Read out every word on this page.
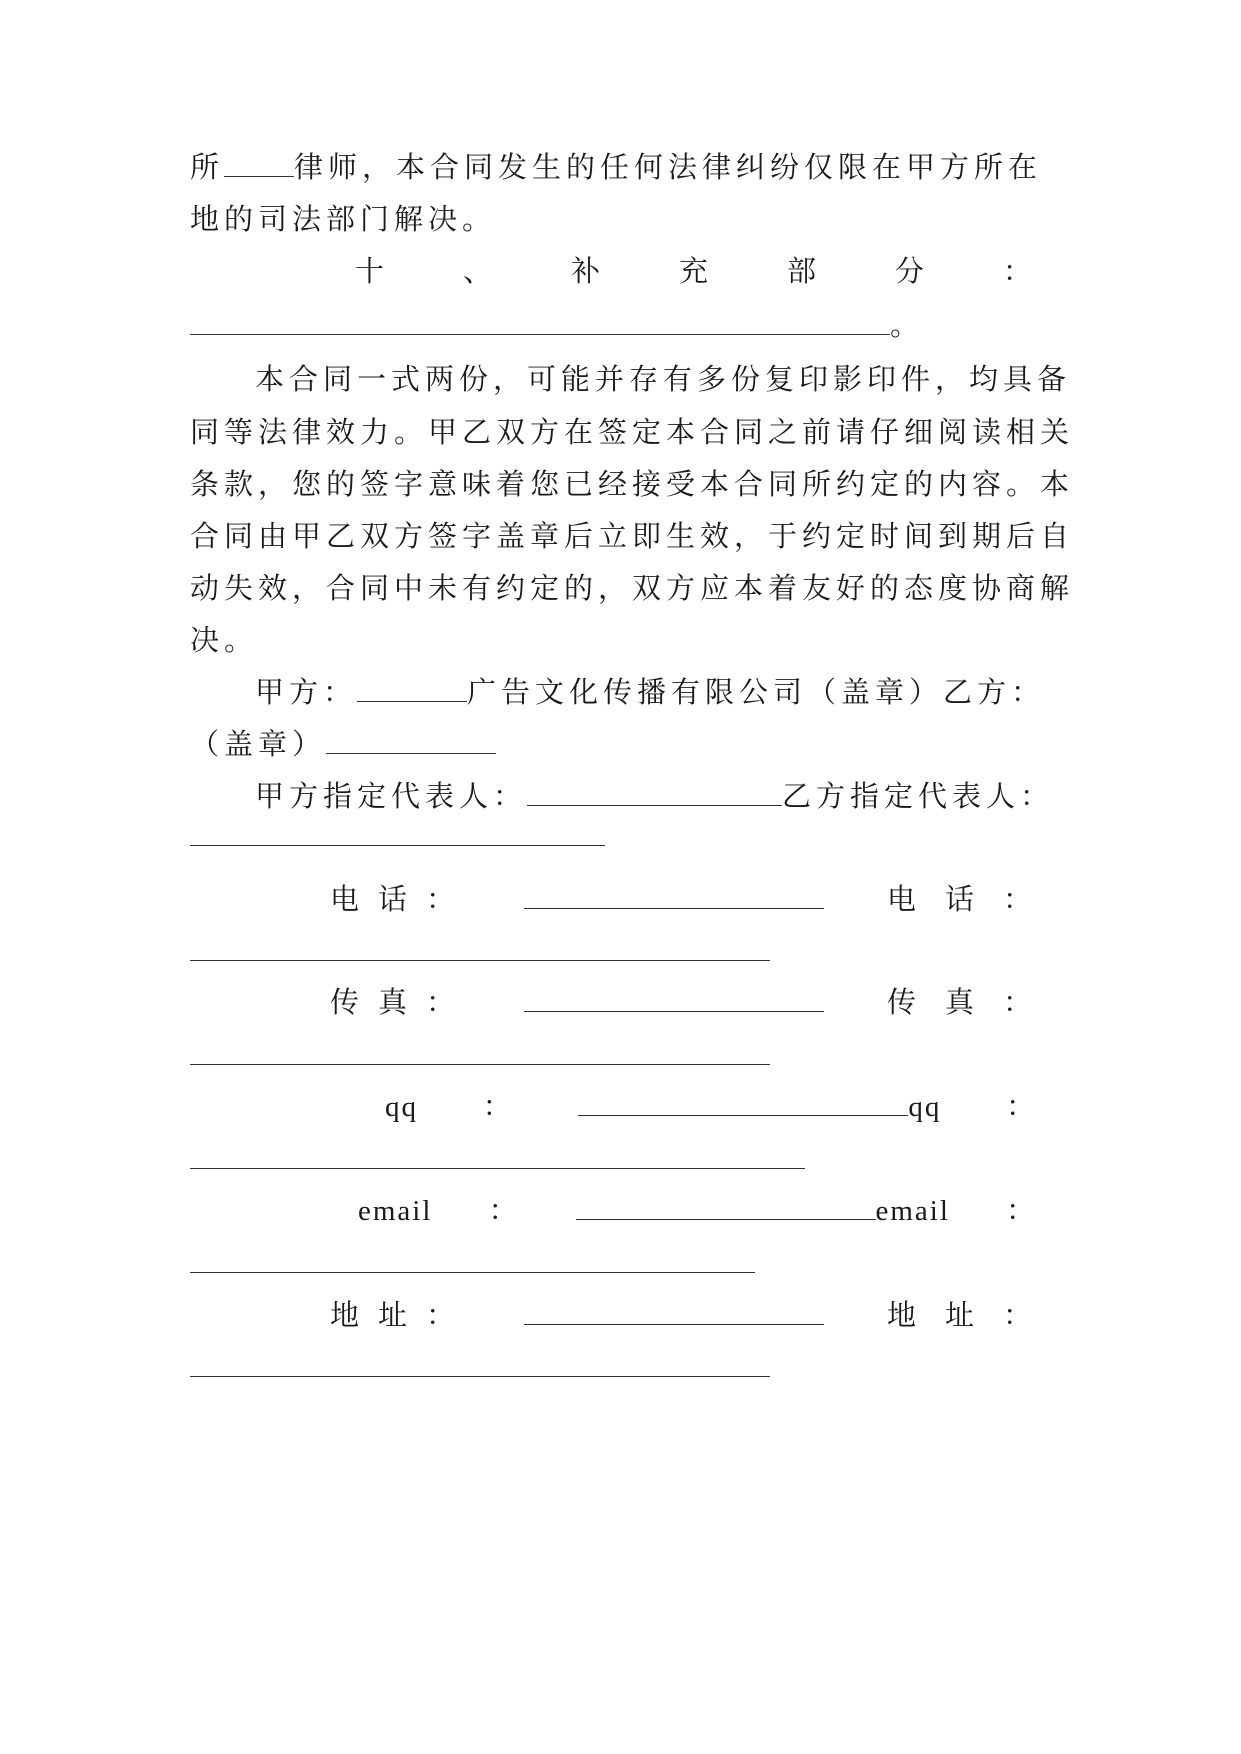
所 律师，本合同发生的任何法律纠纷仅限在甲方所在
地的司法部门解决。
十	、	补	充	部	分	：
。
本合同一式两份，可能并存有多份复印影印件，均具备
同等法律效力。甲乙双方在签定本合同之前请仔细阅读相关
条款，您的签字意味着您已经接受本合同所约定的内容。本
合同由甲乙双方签字盖章后立即生效，于约定时间到期后自
动失效，合同中未有约定的，双方应本着友好的态度协商解
决。
甲方：	广告文化传播有限公司（盖章）乙方：
（盖章）
甲方指定代表人：	乙方指定代表人：
电 话 ：	电 话 ：
传 真 ：	传 真 ：
qq ：	qq ：
email ：	email ：
地 址 ：	地 址 ：
